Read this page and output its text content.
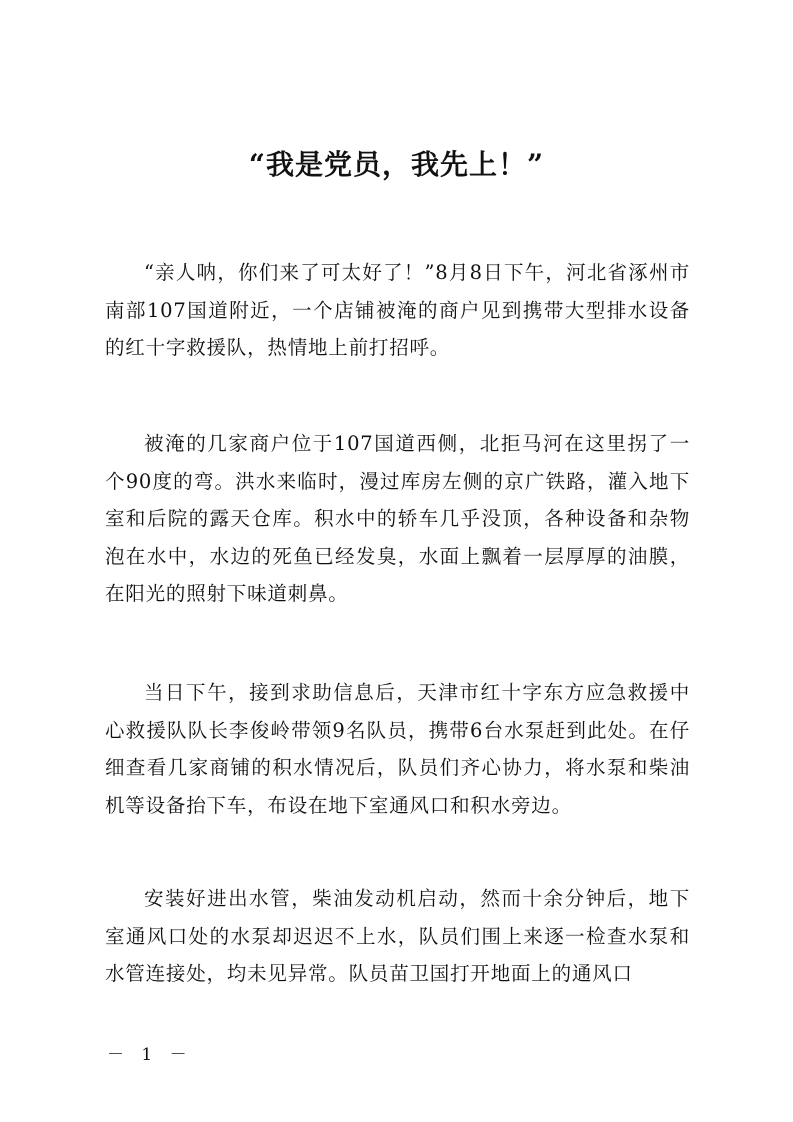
“我是党员，我先上！”
“亲人呐，你们来了可太好了！”8月8日下午，河北省涿州市南部107国道附近，一个店铺被淹的商户见到携带大型排水设备的红十字救援队，热情地上前打招呼。
被淹的几家商户位于107国道西侧，北拒马河在这里拐了一个90度的弯。洪水来临时，漫过库房左侧的京广铁路，灌入地下室和后院的露天仓库。积水中的轿车几乎没顶，各种设备和杂物泡在水中，水边的死鱼已经发臭，水面上飘着一层厚厚的油膜，在阳光的照射下味道刺鼻。
当日下午，接到求助信息后，天津市红十字东方应急救援中心救援队队长李俊岭带领9名队员，携带6台水泵赶到此处。在仔细查看几家商铺的积水情况后，队员们齐心协力，将水泵和柴油机等设备抬下车，布设在地下室通风口和积水旁边。
安装好进出水管，柴油发动机启动，然而十余分钟后，地下室通风口处的水泵却迟迟不上水，队员们围上来逐一检查水泵和水管连接处，均未见异常。队员苗卫国打开地面上的通风口
－ 1 －
